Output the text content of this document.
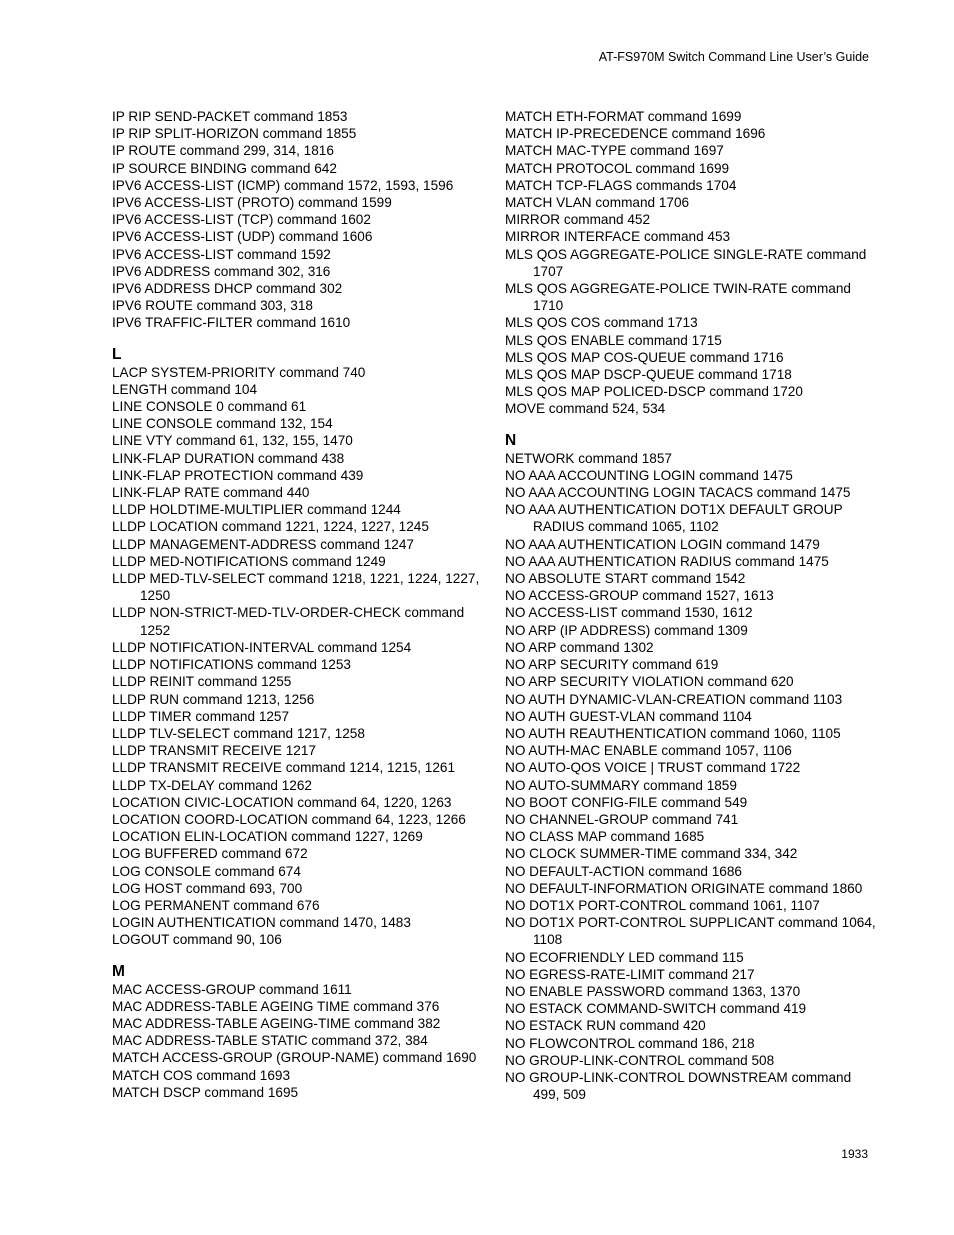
AT-FS970M Switch Command Line User’s Guide
IP RIP SEND-PACKET command 1853
IP RIP SPLIT-HORIZON command 1855
IP ROUTE command 299, 314, 1816
IP SOURCE BINDING command 642
IPV6 ACCESS-LIST (ICMP) command 1572, 1593, 1596
IPV6 ACCESS-LIST (PROTO) command 1599
IPV6 ACCESS-LIST (TCP) command 1602
IPV6 ACCESS-LIST (UDP) command 1606
IPV6 ACCESS-LIST command 1592
IPV6 ADDRESS command 302, 316
IPV6 ADDRESS DHCP command 302
IPV6 ROUTE command 303, 318
IPV6 TRAFFIC-FILTER command 1610
L
LACP SYSTEM-PRIORITY command 740
LENGTH command 104
LINE CONSOLE 0 command 61
LINE CONSOLE command 132, 154
LINE VTY command 61, 132, 155, 1470
LINK-FLAP DURATION command 438
LINK-FLAP PROTECTION command 439
LINK-FLAP RATE command 440
LLDP HOLDTIME-MULTIPLIER command 1244
LLDP LOCATION command 1221, 1224, 1227, 1245
LLDP MANAGEMENT-ADDRESS command 1247
LLDP MED-NOTIFICATIONS command 1249
LLDP MED-TLV-SELECT command 1218, 1221, 1224, 1227, 1250
LLDP NON-STRICT-MED-TLV-ORDER-CHECK command 1252
LLDP NOTIFICATION-INTERVAL command 1254
LLDP NOTIFICATIONS command 1253
LLDP REINIT command 1255
LLDP RUN command 1213, 1256
LLDP TIMER command 1257
LLDP TLV-SELECT command 1217, 1258
LLDP TRANSMIT RECEIVE 1217
LLDP TRANSMIT RECEIVE command 1214, 1215, 1261
LLDP TX-DELAY command 1262
LOCATION CIVIC-LOCATION command 64, 1220, 1263
LOCATION COORD-LOCATION command 64, 1223, 1266
LOCATION ELIN-LOCATION command 1227, 1269
LOG BUFFERED command 672
LOG CONSOLE command 674
LOG HOST command 693, 700
LOG PERMANENT command 676
LOGIN AUTHENTICATION command 1470, 1483
LOGOUT command 90, 106
M
MAC ACCESS-GROUP command 1611
MAC ADDRESS-TABLE AGEING TIME command 376
MAC ADDRESS-TABLE AGEING-TIME command 382
MAC ADDRESS-TABLE STATIC command 372, 384
MATCH ACCESS-GROUP (GROUP-NAME) command 1690
MATCH COS command 1693
MATCH DSCP command 1695
MATCH ETH-FORMAT command 1699
MATCH IP-PRECEDENCE command 1696
MATCH MAC-TYPE command 1697
MATCH PROTOCOL command 1699
MATCH TCP-FLAGS commands 1704
MATCH VLAN command 1706
MIRROR command 452
MIRROR INTERFACE command 453
MLS QOS AGGREGATE-POLICE SINGLE-RATE command 1707
MLS QOS AGGREGATE-POLICE TWIN-RATE command 1710
MLS QOS COS command 1713
MLS QOS ENABLE command 1715
MLS QOS MAP COS-QUEUE command 1716
MLS QOS MAP DSCP-QUEUE command 1718
MLS QOS MAP POLICED-DSCP command 1720
MOVE command 524, 534
N
NETWORK command 1857
NO AAA ACCOUNTING LOGIN command 1475
NO AAA ACCOUNTING LOGIN TACACS command 1475
NO AAA AUTHENTICATION DOT1X DEFAULT GROUP RADIUS command 1065, 1102
NO AAA AUTHENTICATION LOGIN command 1479
NO AAA AUTHENTICATION RADIUS command 1475
NO ABSOLUTE START command 1542
NO ACCESS-GROUP command 1527, 1613
NO ACCESS-LIST command 1530, 1612
NO ARP (IP ADDRESS) command 1309
NO ARP command 1302
NO ARP SECURITY command 619
NO ARP SECURITY VIOLATION command 620
NO AUTH DYNAMIC-VLAN-CREATION command 1103
NO AUTH GUEST-VLAN command 1104
NO AUTH REAUTHENTICATION command 1060, 1105
NO AUTH-MAC ENABLE command 1057, 1106
NO AUTO-QOS VOICE | TRUST command 1722
NO AUTO-SUMMARY command 1859
NO BOOT CONFIG-FILE command 549
NO CHANNEL-GROUP command 741
NO CLASS MAP command 1685
NO CLOCK SUMMER-TIME command 334, 342
NO DEFAULT-ACTION command 1686
NO DEFAULT-INFORMATION ORIGINATE command 1860
NO DOT1X PORT-CONTROL command 1061, 1107
NO DOT1X PORT-CONTROL SUPPLICANT command 1064, 1108
NO ECOFRIENDLY LED command 115
NO EGRESS-RATE-LIMIT command 217
NO ENABLE PASSWORD command 1363, 1370
NO ESTACK COMMAND-SWITCH command 419
NO ESTACK RUN command 420
NO FLOWCONTROL command 186, 218
NO GROUP-LINK-CONTROL command 508
NO GROUP-LINK-CONTROL DOWNSTREAM command 499, 509
1933
